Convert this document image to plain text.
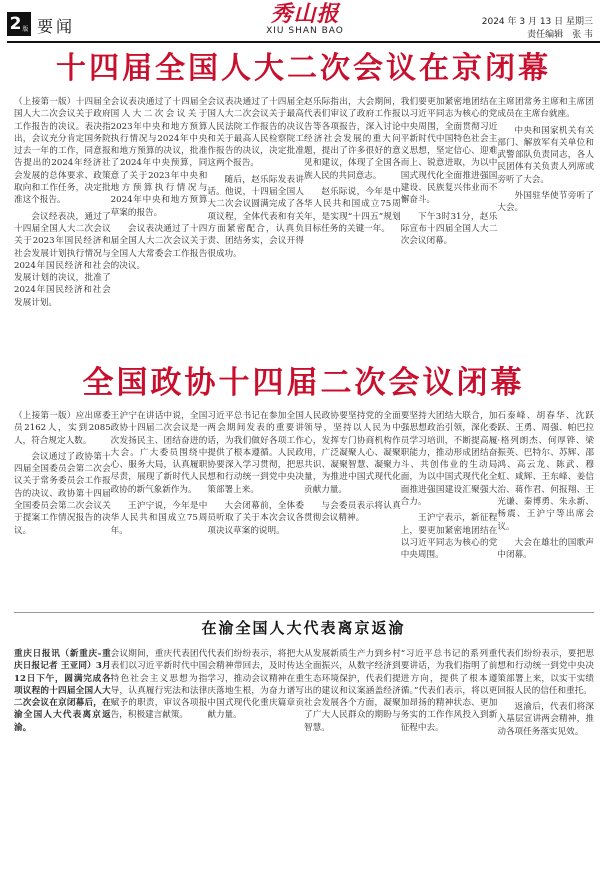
2 版 要闻	秀山报
XIU SHAN BAO
2024 年 3 月 13 日 星期三
责任编辑　张 韦
十四届全国人大二次会议在京闭幕

（上接第一版）十四届全国人大二次会议关于政府工作报告的决议。表决指出，会议充分肯定国务院过去一年的工作，同意报告提出的2024年经济社会发展的总体要求、政策取向和工作任务，决定批准这个报告。

会议经表决，通过了十四届全国人大二次会议关于2023年国民经济和社会发展计划执行情况与2024年国民经济和社会发展计划的决议，批准了2024年国民经济和社会发展计划。

会议表决通过了十四届全国人大二次会议关于2023年中央和地方预算执行情况与2024年中央和地方预算的决议，批准了2024年中央预算，同意了关于2023年中央和地方预算执行情况与2024年中央和地方预算草案的报告。

会议表决通过了十四届全国人大二次会议关于全国人大常委会工作报告的决议。

会议表决通过了十四届全国人大二次会议关于最高人民法院工作报告的决议和关于最高人民检察院工作报告的决议，决定批准这两个报告。

随后，赵乐际发表讲话。他说，十四届全国人大二次会议圆满完成了各项议程，全体代表和有关方面紧密配合，认真负责、团结务实，会议开得很成功。

赵乐际指出，大会期间，代表们审议了政府工作报告等各项报告，深入讨论经济社会发展的重大问题，提出了许多很好的意见和建议，体现了全国各族人民的共同意志。

赵乐际说，今年是中华人民共和国成立75周年，是实现“十四五”规划目标任务的关键一年。

我们要更加紧密地团结在以习近平同志为核心的党中央周围，全面贯彻习近平新时代中国特色社会主义思想，坚定信心、迎难而上、锐意进取，为以中国式现代化全面推进强国建设、民族复兴伟业而不懈奋斗。

下午3时31分，赵乐际宣布十四届全国人大二次会议闭幕。

主席团常务主席和主席团成员在主席台就座。

中央和国家机关有关部门、解放军有关单位和武警部队负责同志，各人民团体有关负责人列席或旁听了大会。

外国驻华使节旁听了大会。

全国政协十四届二次会议闭幕

（上接第一版）应出席委员2162人，实到2085人，符合规定人数。

会议通过了政协第十四届全国委员会第二次会议关于常务委员会工作报告的决议、政协第十四届全国委员会第二次会议关于提案工作情况报告的决议。

王沪宁在讲话中说，全国政协十四届二次会议是一次发扬民主、团结奋进的大会。广大委员围绕中心、服务大局，认真履职尽责，展现了新时代人民政协的新气象新作为。

王沪宁说，今年是中华人民共和国成立75周年。

习近平总书记在参加全国两会期间发表的重要讲话，为我们做好各项工作提供了根本遵循。人民政协要深入学习贯彻，把思想和行动统一到党中央决策部署上来。

大会闭幕前，全体委员听取了关于本次会议各项决议草案的说明。

人民政协要坚持党的全面领导，坚持以人民为中心，发挥专门协商机构作用，广泛凝聚人心、凝聚共识、凝聚智慧、凝聚力量，为推进中国式现代化贡献力量。

与会委员表示将认真贯彻会议精神。

要坚持大团结大联合，加强思想政治引领，深化委员学习培训，不断提高履职能力，推动形成团结奋斗、共创伟业的生动局面，为以中国式现代化全面推进强国建设汇聚强大合力。

王沪宁表示，新征程上，要更加紧密地团结在以习近平同志为核心的党中央周围。

石泰峰、胡春华、沈跃跃、王勇、周强、帕巴拉·格列朗杰、何厚铧、梁振英、巴特尔、苏辉、邵鸿、高云龙、陈武、穆虹、咸辉、王东峰、姜信治、蒋作君、何报翔、王光谦、秦博勇、朱永新、杨震、王沪宁等出席会议。

大会在雄壮的国歌声中闭幕。

在渝全国人大代表离京返渝

重庆日报讯（新重庆-重庆日报记者 王亚同）3月12日下午，圆满完成各项议程的十四届全国人大二次会议在京闭幕后，在渝全国人大代表离京返渝。

会议期间，重庆代表团代表们以习近平新时代中国特色社会主义思想为指导，认真履行宪法和法律赋予的职责，审议各项报告，积极建言献策。

代表们纷纷表示，将把大会精神带回去，及时传达学习，推动会议精神在重庆落地生根，为奋力谱写中国式现代化重庆篇章贡献力量。

从发展新质生产力到乡村全面振兴，从数字经济到生态环境保护，代表们提出的建议和议案涵盖经济社会发展各个方面，凝聚了广大人民群众的期盼与智慧。

“习近平总书记的系列重要讲话，为我们指明了前进方向，提供了根本遵循。”代表们表示，将以更加昂扬的精神状态、更加务实的工作作风投入到新征程中去。

代表们纷纷表示，要把思想和行动统一到党中央决策部署上来，以实干实绩回报人民的信任和重托。

返渝后，代表们将深入基层宣讲两会精神，推动各项任务落实见效。
